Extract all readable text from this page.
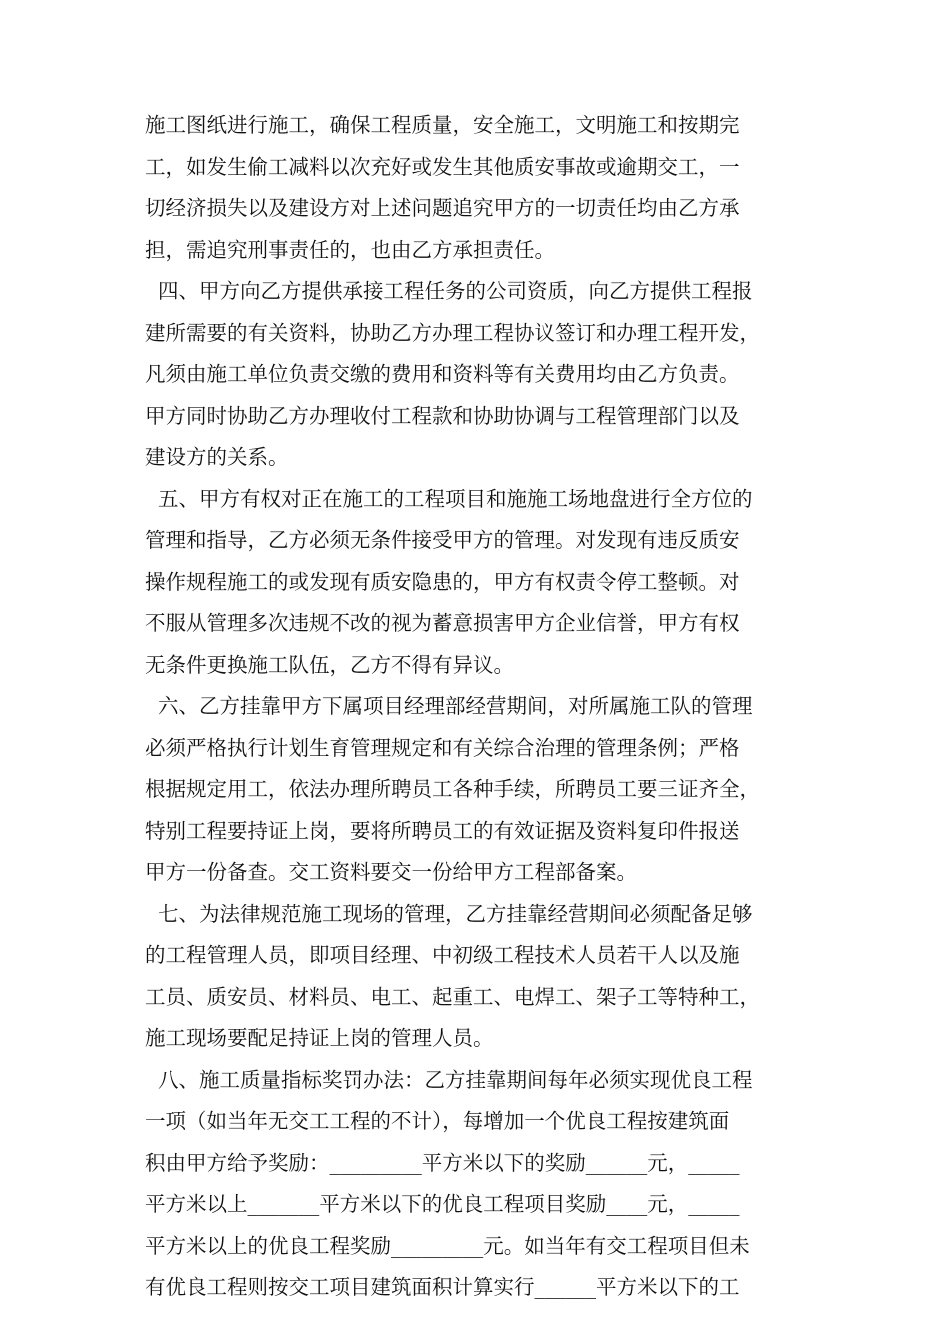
施工图纸进行施工，确保工程质量，安全施工，文明施工和按期完
工，如发生偷工减料以次充好或发生其他质安事故或逾期交工，一
切经济损失以及建设方对上述问题追究甲方的一切责任均由乙方承
担，需追究刑事责任的，也由乙方承担责任。
四、甲方向乙方提供承接工程任务的公司资质，向乙方提供工程报
建所需要的有关资料，协助乙方办理工程协议签订和办理工程开发，
凡须由施工单位负责交缴的费用和资料等有关费用均由乙方负责。
甲方同时协助乙方办理收付工程款和协助协调与工程管理部门以及
建设方的关系。
五、甲方有权对正在施工的工程项目和施施工场地盘进行全方位的
管理和指导，乙方必须无条件接受甲方的管理。对发现有违反质安
操作规程施工的或发现有质安隐患的，甲方有权责令停工整顿。对
不服从管理多次违规不改的视为蓄意损害甲方企业信誉，甲方有权
无条件更换施工队伍，乙方不得有异议。
六、乙方挂靠甲方下属项目经理部经营期间，对所属施工队的管理
必须严格执行计划生育管理规定和有关综合治理的管理条例；严格
根据规定用工，依法办理所聘员工各种手续，所聘员工要三证齐全，
特别工程要持证上岗，要将所聘员工的有效证据及资料复印件报送
甲方一份备查。交工资料要交一份给甲方工程部备案。
七、为法律规范施工现场的管理，乙方挂靠经营期间必须配备足够
的工程管理人员，即项目经理、中初级工程技术人员若干人以及施
工员、质安员、材料员、电工、起重工、电焊工、架子工等特种工，
施工现场要配足持证上岗的管理人员。
八、施工质量指标奖罚办法：乙方挂靠期间每年必须实现优良工程
一项（如当年无交工工程的不计），每增加一个优良工程按建筑面
积由甲方给予奖励：_________平方米以下的奖励______元，_____
平方米以上_______平方米以下的优良工程项目奖励____元，_____
平方米以上的优良工程奖励_________元。如当年有交工程项目但未
有优良工程则按交工项目建筑面积计算实行______平方米以下的工
